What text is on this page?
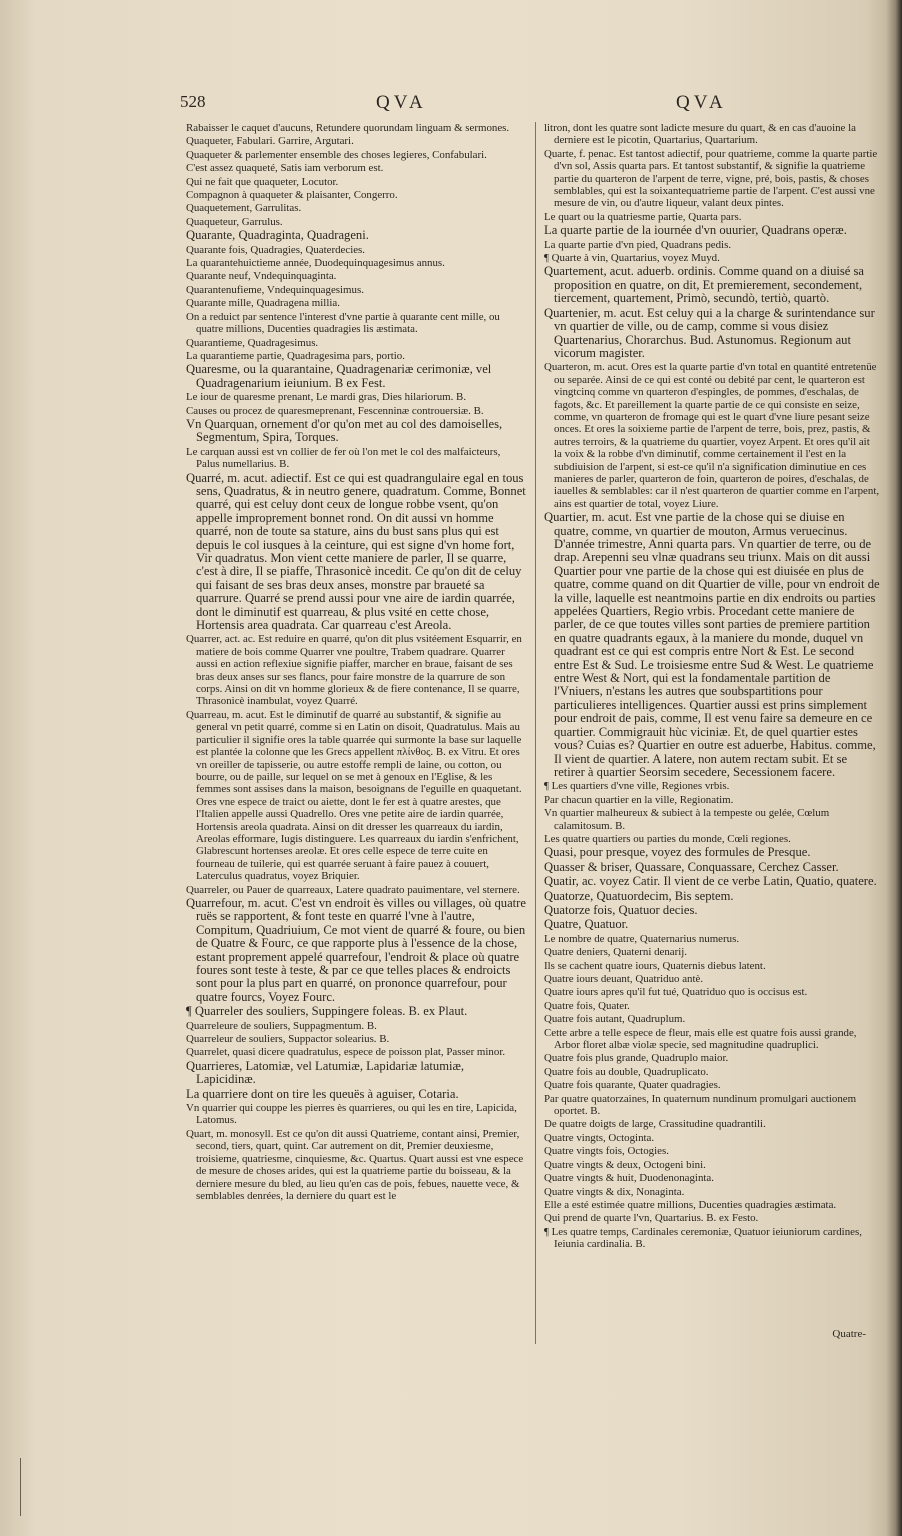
528	QVA	QVA
Rabaisser le caquet d'aucuns, Retundere quorundam linguam & sermones.
Quaqueter, Fabulari. Garrire, Argutari.
Quaqueter & parlementer ensemble des choses legieres, Confabulari.
C'est assez quaqueté, Satis iam verborum est.
Qui ne fait que quaqueter, Locutor.
Compagnon à quaqueter & plaisanter, Congerro.
Quaquetement, Garrulitas.
Quaqueteur, Garrulus.
Quarante, Quadraginta, Quadrageni.
Quarante fois, Quadragies, Quaterdecies.
La quarantehuictieme année, Duodequinquagesimus annus.
Quarante neuf, Vndequinquaginta.
Quarantenufieme, Vndequinquagesimus.
Quarante mille, Quadragena millia.
On a reduict par sentence l'interest d'vne partie à quarante cent mille, ou quatre millions, Ducenties quadragies lis æstimata.
Quarantieme, Quadragesimus.
La quarantieme partie, Quadragesima pars, portio.
Quaresme, ou la quarantaine, Quadragenariæ cerimoniæ, vel Quadragenarium ieiunium. B ex Fest.
Le iour de quaresme prenant, Le mardi gras, Dies hilariorum. B.
Causes ou procez de quaresmeprenant, Fescenninæ controuersiæ. B.
Vn Quarquan, ornement d'or qu'on met au col des damoiselles, Segmentum, Spira, Torques.
Le carquan aussi est vn collier de fer où l'on met le col des malfaicteurs, Palus numellarius. B.
Quarré, m. acut. adiectif. Est ce qui est quadrangulaire egal en tous sens, Quadratus, & in neutro genere, quadratum. Comme, Bonnet quarré, qui est celuy dont ceux de longue robbe vsent, qu'on appelle improprement bonnet rond. On dit aussi vn homme quarré, non de toute sa stature, ains du bust sans plus qui est depuis le col iusques à la ceinture, qui est signe d'vn home fort, Vir quadratus. Mon vient cette maniere de parler, Il se quarre, c'est à dire, Il se piaffe, Thrasonicè incedit. Ce qu'on dit de celuy qui faisant de ses bras deux anses, monstre par braueté sa quarrure. Quarré se prend aussi pour vne aire de iardin quarrée, dont le diminutif est quarreau, & plus vsité en cette chose, Hortensis area quadrata. Car quarreau c'est Areola.
Quarrer, act. ac. Est reduire en quarré, qu'on dit plus vsitéement Esquarrir, en matiere de bois comme Quarrer vne poultre, Trabem quadrare. Quarrer aussi en action reflexiue signifie piaffer, marcher en braue, faisant de ses bras deux anses sur ses flancs, pour faire monstre de la quarrure de son corps. Ainsi on dit vn homme glorieux & de fiere contenance, Il se quarre, Thrasonicè inambulat, voyez Quarré.
Quarreau, m. acut. Est le diminutif de quarré au substantif, & signifie au general vn petit quarré, comme si en Latin on disoit, Quadratulus. Mais au particulier il signifie ores la table quarrée qui surmonte la base sur laquelle est plantée la colonne que les Grecs appellent πλίνθος. B. ex Vitru. Et ores vn oreiller de tapisserie, ou autre estoffe rempli de laine, ou cotton, ou bourre, ou de paille, sur lequel on se met à genoux en l'Eglise, & les femmes sont assises dans la maison, besoignans de l'eguille en quaquetant. Ores vne espece de traict ou aiette, dont le fer est à quatre arestes, que l'Italien appelle aussi Quadrello. Ores vne petite aire de iardin quarrée, Hortensis areola quadrata. Ainsi on dit dresser les quarreaux du iardin, Areolas efformare, Iugis distinguere. Les quarreaux du iardin s'enfrichent, Glabrescunt hortenses areolæ. Et ores celle espece de terre cuite en fourneau de tuilerie, qui est quarrée seruant à faire pauez à couuert, Laterculus quadratus, voyez Briquier.
Quarreler, ou Pauer de quarreaux, Latere quadrato pauimentare, vel sternere.
Quarrefour, m. acut. C'est vn endroit ès villes ou villages, où quatre ruës se rapportent, & font teste en quarré l'vne à l'autre, Compitum, Quadriuium, Ce mot vient de quarré & foure, ou bien de Quatre & Fourc, ce que rapporte plus à l'essence de la chose, estant proprement appelé quarrefour, l'endroit & place où quatre foures sont teste à teste, & par ce que telles places & endroicts sont pour la plus part en quarré, on prononce quarrefour, pour quatre fourcs, Voyez Fourc.
¶ Quarreler des souliers, Suppingere foleas. B. ex Plaut.
Quarreleure de souliers, Suppagmentum. B.
Quarreleur de souliers, Suppactor solearius. B.
Quarrelet, quasi dicere quadratulus, espece de poisson plat, Passer minor.
Quarrieres, Latomiæ, vel Latumiæ, Lapidariæ latumiæ, Lapicidinæ.
La quarriere dont on tire les queuës à aguiser, Cotaria.
Vn quarrier qui couppe les pierres ès quarrieres, ou qui les en tire, Lapicida, Latomus.
Quart, m. monosyll. Est ce qu'on dit aussi Quatrieme, contant ainsi, Premier, second, tiers, quart, quint. Car autrement on dit, Premier deuxiesme, troisieme, quatriesme, cinquiesme, &c. Quartus. Quart aussi est vne espece de mesure de choses arides, qui est la quatrieme partie du boisseau, & la derniere mesure du bled, au lieu qu'en cas de pois, febues, nauette vece, & semblables denrées, la derniere du quart est le
litron, dont les quatre sont ladicte mesure du quart, & en cas d'auoine la derniere est le picotin, Quartarius, Quartarium.
Quarte, f. penac. Est tantost adiectif, pour quatrieme, comme la quarte partie d'vn sol, Assis quarta pars. Et tantost substantif, & signifie la quatrieme partie du quarteron de l'arpent de terre, vigne, pré, bois, pastis, & choses semblables, qui est la soixantequatrieme partie de l'arpent. C'est aussi vne mesure de vin, ou d'autre liqueur, valant deux pintes.
Le quart ou la quatriesme partie, Quarta pars.
La quarte partie de la iournée d'vn ouurier, Quadrans operæ.
La quarte partie d'vn pied, Quadrans pedis.
¶ Quarte à vin, Quartarius, voyez Muyd.
Quartement, acut. aduerb. ordinis. Comme quand on a diuisé sa proposition en quatre, on dit, Et premierement, secondement, tiercement, quartement, Primò, secundò, tertiò, quartò.
Quartenier, m. acut. Est celuy qui a la charge & surintendance sur vn quartier de ville, ou de camp, comme si vous disiez Quartenarius, Chorarchus. Bud. Astunomus. Regionum aut vicorum magister.
Quarteron, m. acut. Ores est la quarte partie d'vn total en quantité entretenüe ou separée. Ainsi de ce qui est conté ou debité par cent, le quarteron est vingtcinq comme vn quarteron d'espingles, de pommes, d'eschalas, de fagots, &c. Et pareillement la quarte partie de ce qui consiste en seize, comme, vn quarteron de fromage qui est le quart d'vne liure pesant seize onces. Et ores la soixieme partie de l'arpent de terre, bois, prez, pastis, & autres terroirs, & la quatrieme du quartier, voyez Arpent. Et ores qu'il ait la voix & la robbe d'vn diminutif, comme certainement il l'est en la subdiuision de l'arpent, si est-ce qu'il n'a signification diminutiue en ces manieres de parler, quarteron de foin, quarteron de poires, d'eschalas, de iauelles & semblables: car il n'est quarteron de quartier comme en l'arpent, ains est quartier de total, voyez Liure.
Quartier, m. acut. Est vne partie de la chose qui se diuise en quatre, comme, vn quartier de mouton, Armus veruecinus. D'année trimestre, Anni quarta pars. Vn quartier de terre, ou de drap. Arepenni seu vlnæ quadrans seu triunx. Mais on dit aussi Quartier pour vne partie de la chose qui est diuisée en plus de quatre, comme quand on dit Quartier de ville, pour vn endroit de la ville, laquelle est neantmoins partie en dix endroits ou parties appelées Quartiers, Regio vrbis. Procedant cette maniere de parler, de ce que toutes villes sont parties de premiere partition en quatre quadrants egaux, à la maniere du monde, duquel vn quadrant est ce qui est compris entre Nort & Est. Le second entre Est & Sud. Le troisiesme entre Sud & West. Le quatrieme entre West & Nort, qui est la fondamentale partition de l'Vniuers, n'estans les autres que soubspartitions pour particulieres intelligences. Quartier aussi est prins simplement pour endroit de pais, comme, Il est venu faire sa demeure en ce quartier. Commigrauit hùc viciniæ. Et, de quel quartier estes vous? Cuias es? Quartier en outre est aduerbe, Habitus. comme, Il vient de quartier. A latere, non autem rectam subit. Et se retirer à quartier Seorsim secedere, Secessionem facere.
¶ Les quartiers d'vne ville, Regiones vrbis.
Par chacun quartier en la ville, Regionatim.
Vn quartier malheureux & subiect à la tempeste ou gelée, Cœlum calamitosum. B.
Les quatre quartiers ou parties du monde, Cœli regiones.
Quasi, pour presque, voyez des formules de Presque.
Quasser & briser, Quassare, Conquassare, Cerchez Casser.
Quatir, ac. voyez Catir. Il vient de ce verbe Latin, Quatio, quatere.
Quatorze, Quatuordecim, Bis septem.
Quatorze fois, Quatuor decies.
Quatre, Quatuor.
Le nombre de quatre, Quaternarius numerus.
Quatre deniers, Quaterni denarij.
Ils se cachent quatre iours, Quaternis diebus latent.
Quatre iours deuant, Quatriduo antè.
Quatre iours apres qu'il fut tué, Quatriduo quo is occisus est.
Quatre fois, Quater.
Quatre fois autant, Quadruplum.
Cette arbre a telle espece de fleur, mais elle est quatre fois aussi grande, Arbor floret albæ violæ specie, sed magnitudine quadruplici.
Quatre fois plus grande, Quadruplo maior.
Quatre fois au double, Quadruplicato.
Quatre fois quarante, Quater quadragies.
Par quatre quatorzaines, In quaternum nundinum promulgari auctionem oportet. B.
De quatre doigts de large, Crassitudine quadrantili.
Quatre vingts, Octoginta.
Quatre vingts fois, Octogies.
Quatre vingts & deux, Octogeni bini.
Quatre vingts & huit, Duodenonaginta.
Quatre vingts & dix, Nonaginta.
Elle a esté estimée quatre millions, Ducenties quadragies æstimata.
Qui prend de quarte l'vn, Quartarius. B. ex Festo.
¶ Les quatre temps, Cardinales ceremoniæ, Quatuor ieiuniorum cardines, Ieiunia cardinalia. B.
Quatre-
